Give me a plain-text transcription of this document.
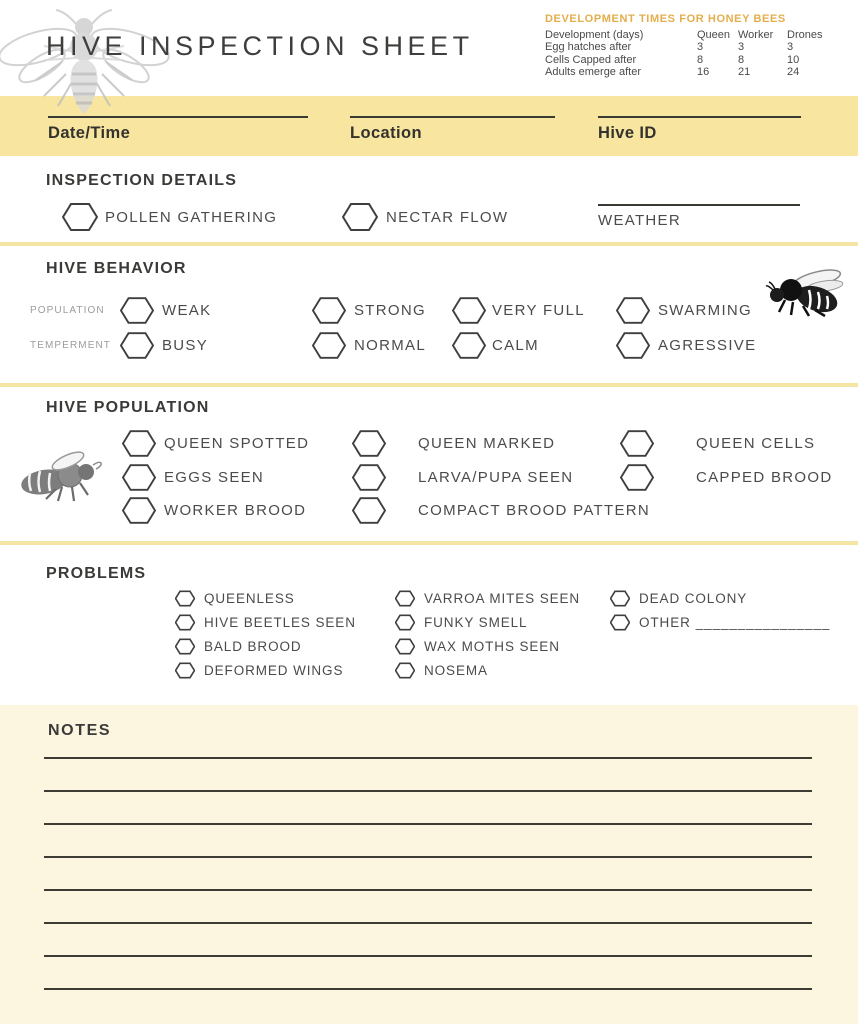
HIVE INSPECTION SHEET
DEVELOPMENT TIMES FOR HONEY BEES
Development (days)	Queen Worker	Drones
Egg hatches after	3	3	3
Cells Capped after	8	8	10
Adults emerge after	16	21	24
Date/Time	Location	Hive ID
INSPECTION DETAILS
POLLEN GATHERING	NECTAR FLOW	WEATHER
HIVE BEHAVIOR
POPULATION	WEAK	STRONG	VERY FULL	SWARMING
TEMPERMENT	BUSY	NORMAL	CALM	AGRESSIVE
HIVE POPULATION
QUEEN SPOTTED	QUEEN MARKED	QUEEN CELLS
EGGS SEEN	LARVA/PUPA SEEN	CAPPED BROOD
WORKER BROOD	COMPACT BROOD PATTERN
PROBLEMS
QUEENLESS	VARROA MITES SEEN	DEAD COLONY
HIVE BEETLES SEEN	FUNKY SMELL	OTHER ________________
BALD BROOD	WAX MOTHS SEEN
DEFORMED WINGS	NOSEMA
NOTES
